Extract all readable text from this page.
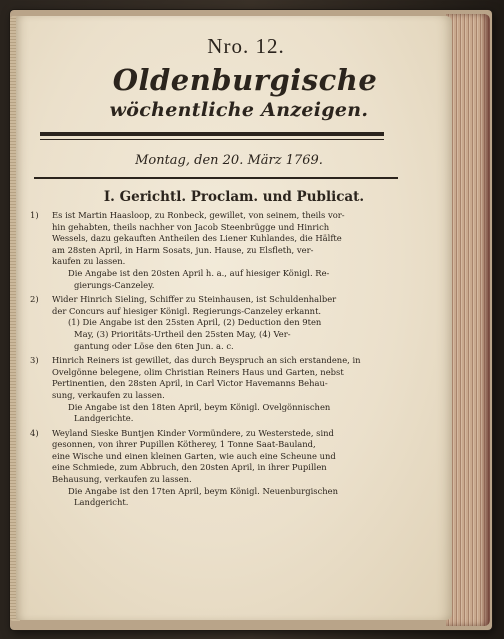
Nro. 12.
Oldenburgische
wöchentliche Anzeigen.
Montag, den 20. März 1769.
I. Gerichtl. Proclam. und Publicat.
1)	Es ist Martin Haasloop, zu Ronbeck, gewillet, von seinem, theils vor-
hin gehabten, theils nachher von Jacob Steenbrügge und Hinrich
Wessels, dazu gekauften Antheilen des Liener Kuhlandes, die Hälfte
am 28sten April, in Harm Sosats, jun. Hause, zu Elsfleth, ver-
kaufen zu lassen.
Die Angabe ist den 20sten April h. a., auf hiesiger Königl. Re-
gierungs-Canzeley.
2)	Wider Hinrich Sieling, Schiffer zu Steinhausen, ist Schuldenhalber
der Concurs auf hiesiger Königl. Regierungs-Canzeley erkannt.
(1) Die Angabe ist den 25sten April, (2) Deduction den 9ten
May, (3) Prioritäts-Urtheil den 25sten May, (4) Ver-
gantung oder Löse den 6ten Jun. a. c.
3)	Hinrich Reiners ist gewillet, das durch Beyspruch an sich erstandene, in
Ovelgönne belegene, olim Christian Reiners Haus und Garten, nebst
Pertinentien, den 28sten April, in Carl Victor Havemanns Behau-
sung, verkaufen zu lassen.
Die Angabe ist den 18ten April, beym Königl. Ovelgönnischen
Landgerichte.
4)	Weyland Sieske Buntjen Kinder Vormündere, zu Westerstede, sind
gesonnen, von ihrer Pupillen Kötherey, 1 Tonne Saat-Bauland,
eine Wische und einen kleinen Garten, wie auch eine Scheune und
eine Schmiede, zum Abbruch, den 20sten April, in ihrer Pupillen
Behausung, verkaufen zu lassen.
Die Angabe ist den 17ten April, beym Königl. Neuenburgischen
Landgericht.
